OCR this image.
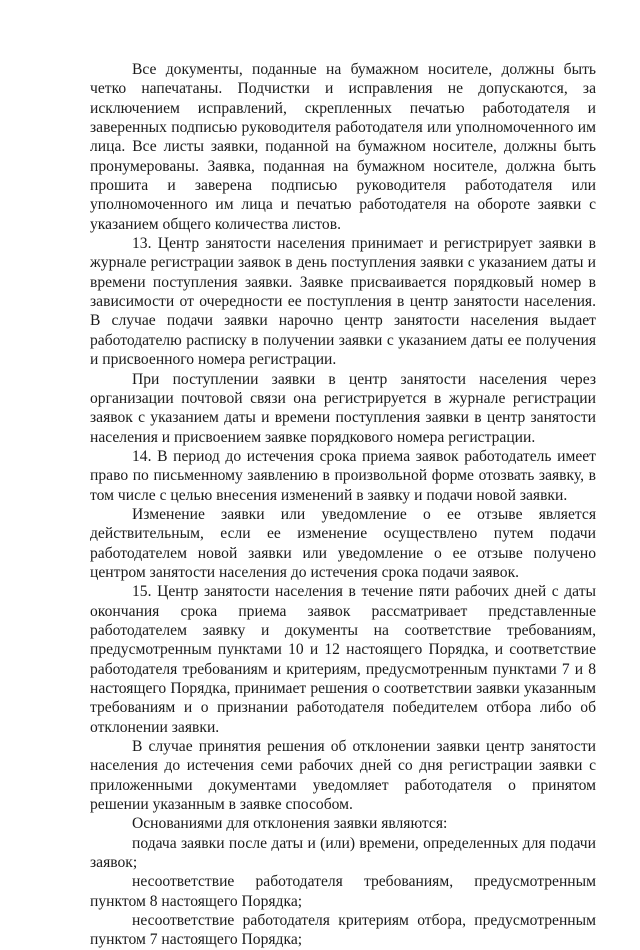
Все документы, поданные на бумажном носителе, должны быть четко напечатаны. Подчистки и исправления не допускаются, за исключением исправлений, скрепленных печатью работодателя и заверенных подписью руководителя работодателя или уполномоченного им лица. Все листы заявки, поданной на бумажном носителе, должны быть пронумерованы. Заявка, поданная на бумажном носителе, должна быть прошита и заверена подписью руководителя работодателя или уполномоченного им лица и печатью работодателя на обороте заявки с указанием общего количества листов.

13. Центр занятости населения принимает и регистрирует заявки в журнале регистрации заявок в день поступления заявки с указанием даты и времени поступления заявки. Заявке присваивается порядковый номер в зависимости от очередности ее поступления в центр занятости населения. В случае подачи заявки нарочно центр занятости населения выдает работодателю расписку в получении заявки с указанием даты ее получения и присвоенного номера регистрации.

При поступлении заявки в центр занятости населения через организации почтовой связи она регистрируется в журнале регистрации заявок с указанием даты и времени поступления заявки в центр занятости населения и присвоением заявке порядкового номера регистрации.

14. В период до истечения срока приема заявок работодатель имеет право по письменному заявлению в произвольной форме отозвать заявку, в том числе с целью внесения изменений в заявку и подачи новой заявки.

Изменение заявки или уведомление о ее отзыве является действительным, если ее изменение осуществлено путем подачи работодателем новой заявки или уведомление о ее отзыве получено центром занятости населения до истечения срока подачи заявок.

15. Центр занятости населения в течение пяти рабочих дней с даты окончания срока приема заявок рассматривает представленные работодателем заявку и документы на соответствие требованиям, предусмотренным пунктами 10 и 12 настоящего Порядка, и соответствие работодателя требованиям и критериям, предусмотренным пунктами 7 и 8 настоящего Порядка, принимает решения о соответствии заявки указанным требованиям и о признании работодателя победителем отбора либо об отклонении заявки.

В случае принятия решения об отклонении заявки центр занятости населения до истечения семи рабочих дней со дня регистрации заявки с приложенными документами уведомляет работодателя о принятом решении указанным в заявке способом.

Основаниями для отклонения заявки являются:

подача заявки после даты и (или) времени, определенных для подачи заявок;

несоответствие работодателя требованиям, предусмотренным пунктом 8 настоящего Порядка;

несоответствие работодателя критериям отбора, предусмотренным пунктом 7 настоящего Порядка;
